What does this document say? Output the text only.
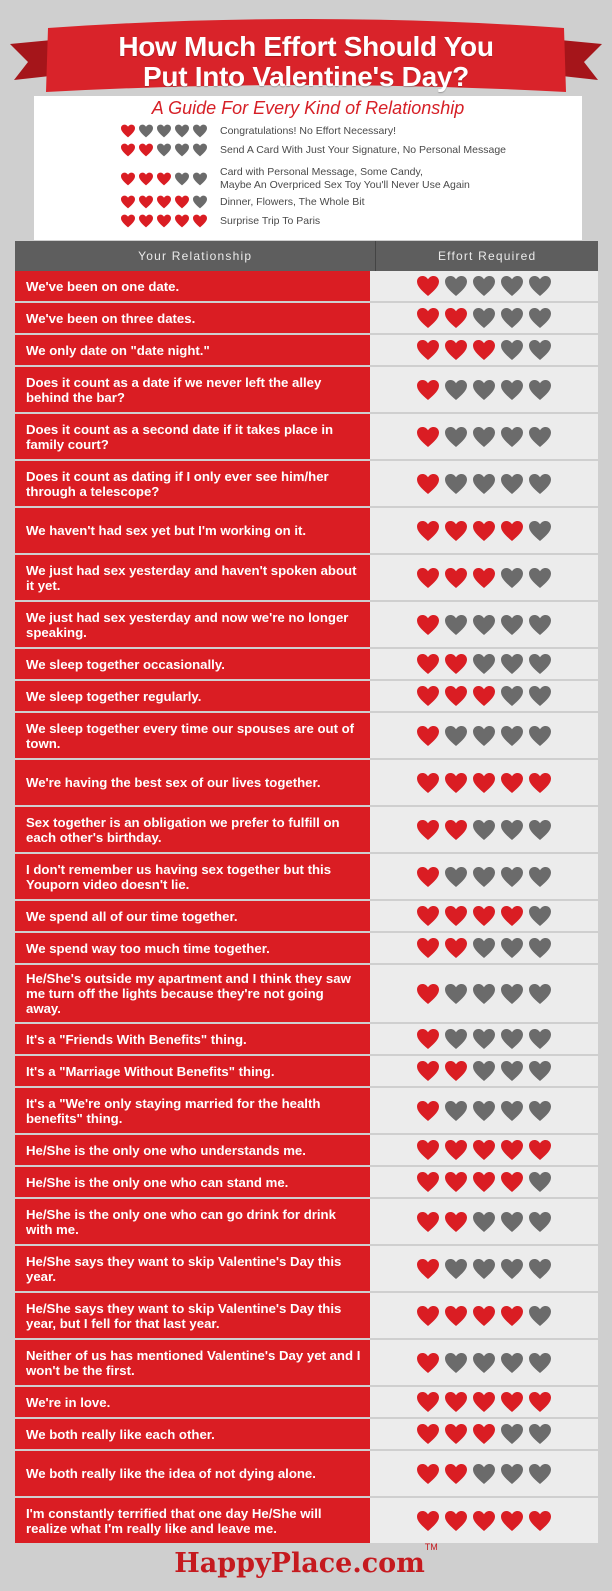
How Much Effort Should You
Put Into Valentine's Day?
A Guide For Every Kind of Relationship
Congratulations! No Effort Necessary!
Send A Card With Just Your Signature, No Personal Message
Card with Personal Message, Some Candy,
Maybe An Overpriced Sex Toy You'll Never Use Again
Dinner, Flowers, The Whole Bit
Surprise Trip To Paris
Your Relationship	Effort Required
We've been on one date.
We've been on three dates.
We only date on "date night."
Does it count as a date if we never left the alley behind the bar?
Does it count as a second date if it takes place in family court?
Does it count as dating if I only ever see him/her through a telescope?
We haven't had sex yet but I'm working on it.
We just had sex yesterday and haven't spoken about it yet.
We just had sex yesterday and now we're no longer speaking.
We sleep together occasionally.
We sleep together regularly.
We sleep together every time our spouses are out of town.
We're having the best sex of our lives together.
Sex together is an obligation we prefer to fulfill on each other's birthday.
I don't remember us having sex together but this Youporn video doesn't lie.
We spend all of our time together.
We spend way too much time together.
He/She's outside my apartment and I think they saw me turn off the lights because they're not going away.
It's a "Friends With Benefits" thing.
It's a "Marriage Without Benefits" thing.
It's a "We're only staying married for the health benefits" thing.
He/She is the only one who understands me.
He/She is the only one who can stand me.
He/She is the only one who can go drink for drink with me.
He/She says they want to skip Valentine's Day this year.
He/She says they want to skip Valentine's Day this year, but I fell for that last year.
Neither of us has mentioned Valentine's Day yet and I won't be the first.
We're in love.
We both really like each other.
We both really like the idea of not dying alone.
I'm constantly terrified that one day He/She will realize what I'm really like and leave me.
HappyPlace.com™
